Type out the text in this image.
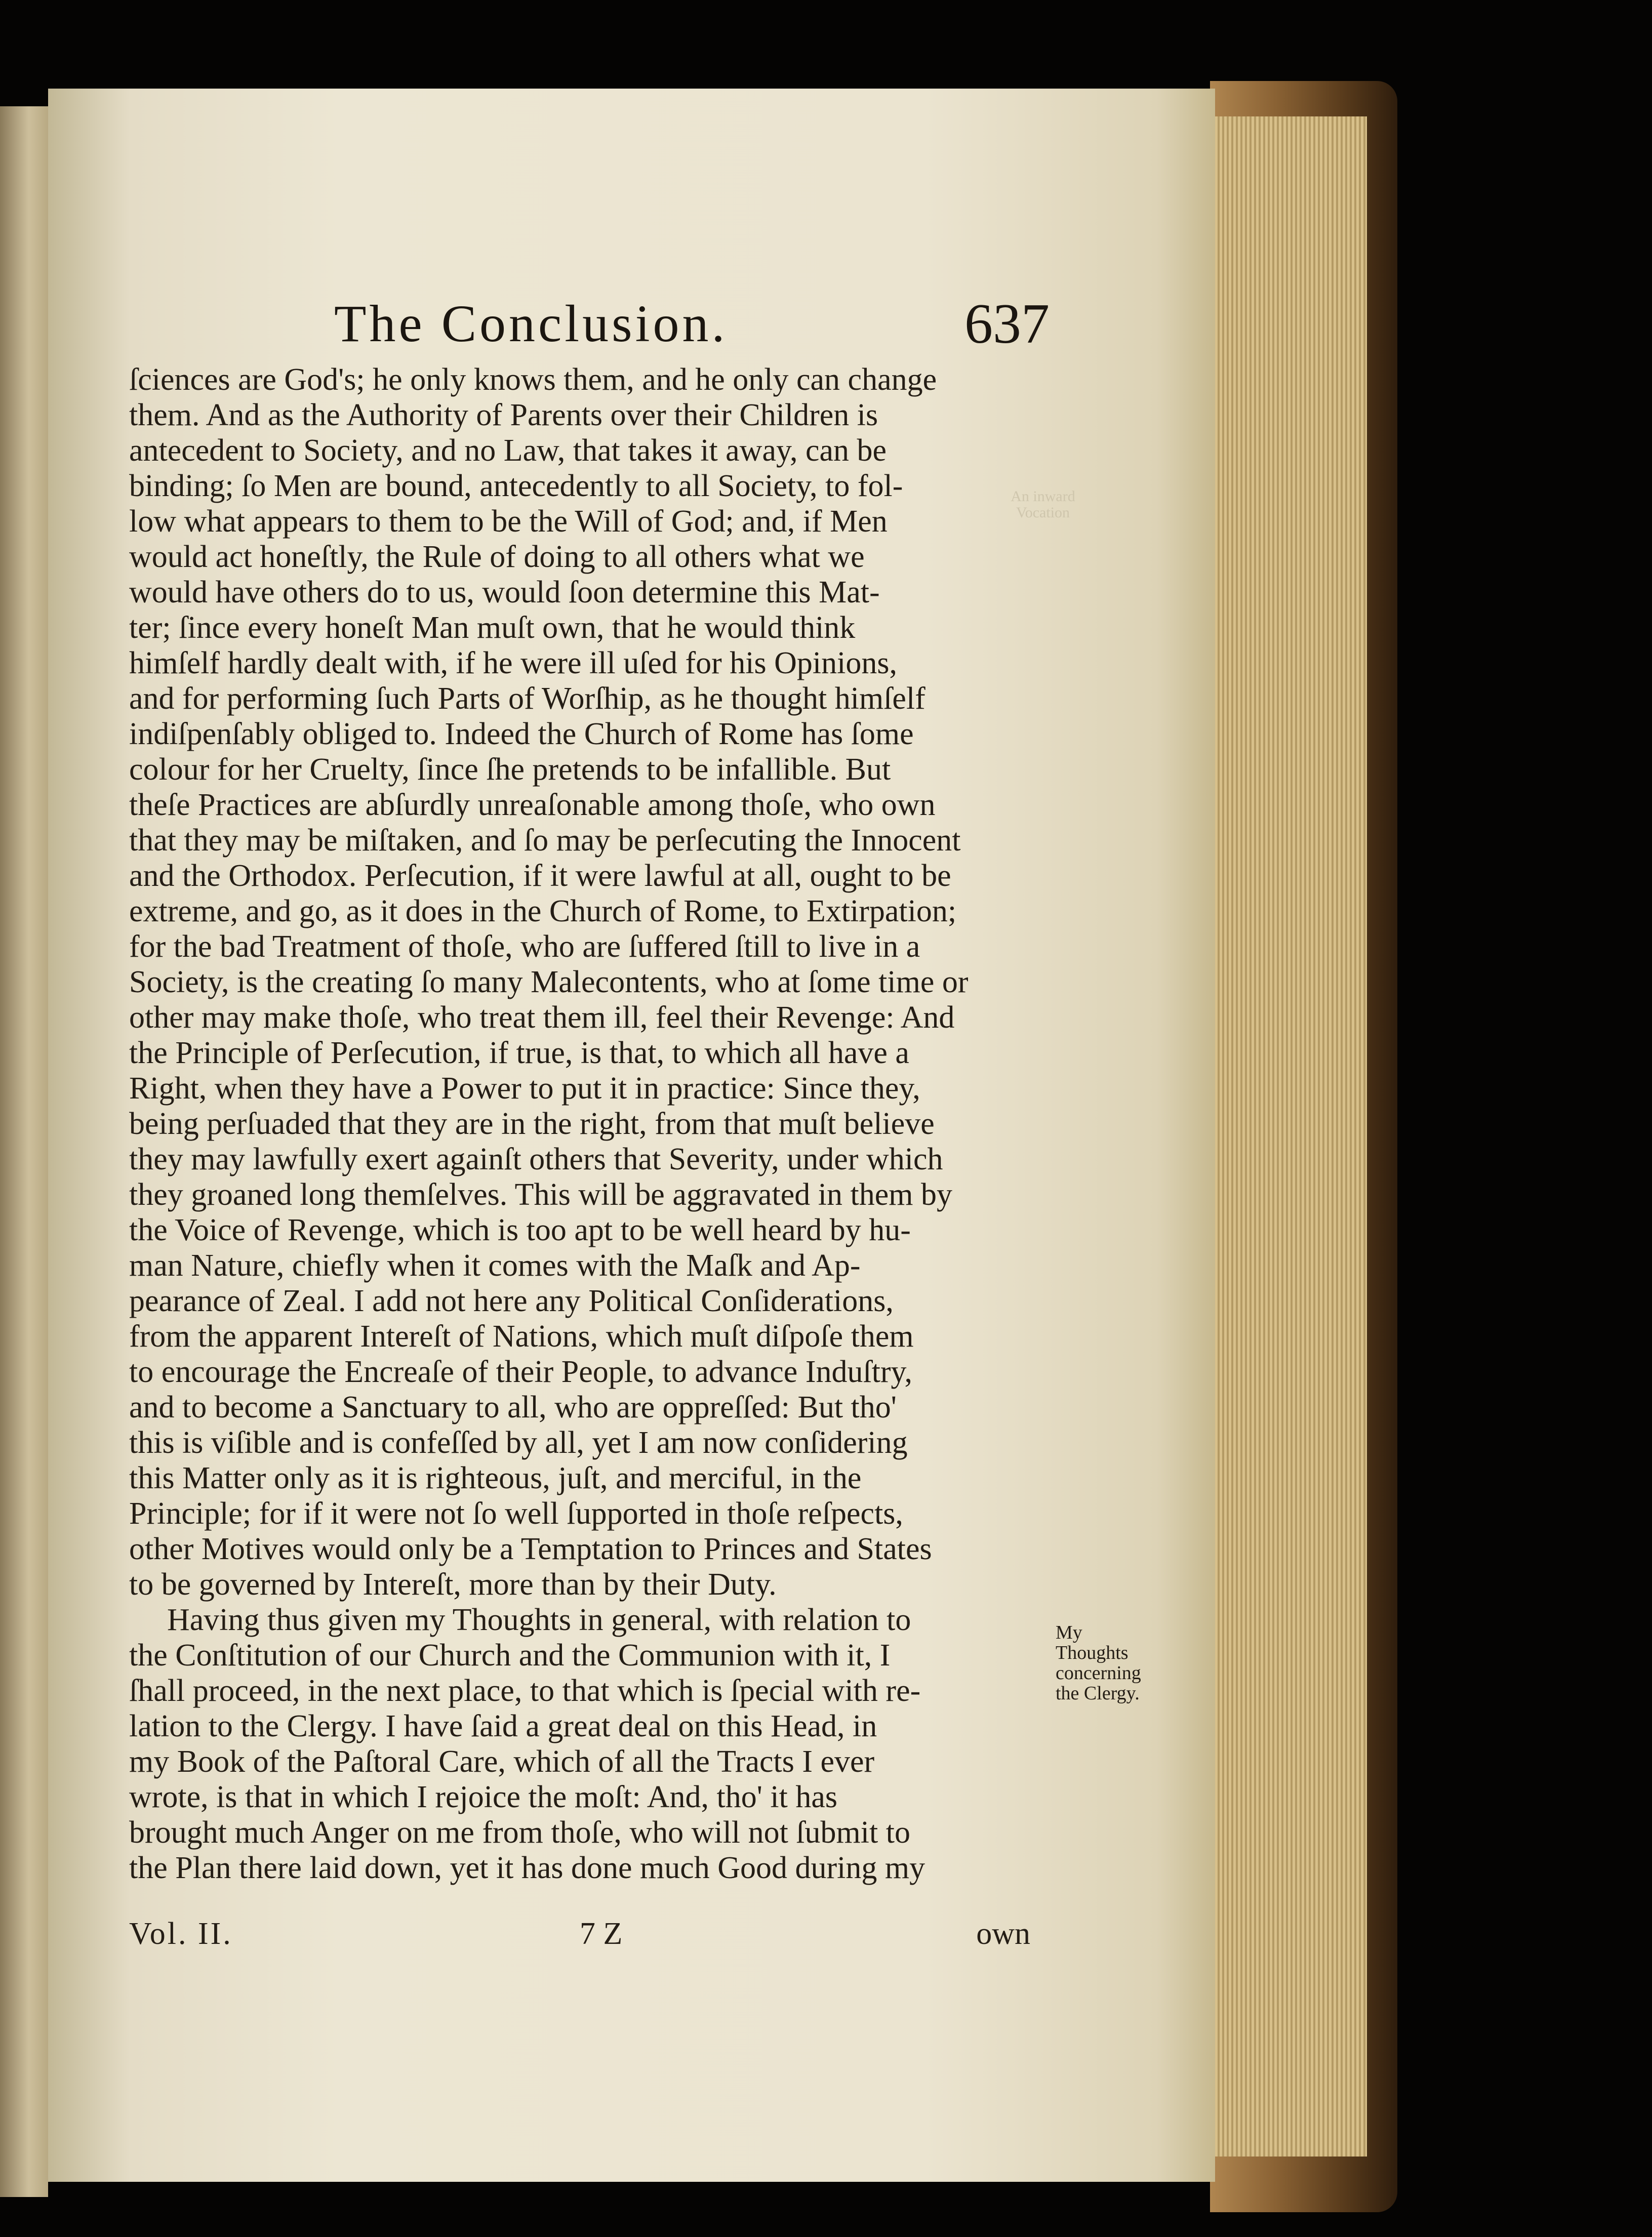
The Conclusion.	637
An inward Vocation
ſciences are God's; he only knows them, and he only can change
them. And as the Authority of Parents over their Children is
antecedent to Society, and no Law, that takes it away, can be
binding; ſo Men are bound, antecedently to all Society, to fol-
low what appears to them to be the Will of God; and, if Men
would act honeſtly, the Rule of doing to all others what we
would have others do to us, would ſoon determine this Mat-
ter; ſince every honeſt Man muſt own, that he would think
himſelf hardly dealt with, if he were ill uſed for his Opinions,
and for performing ſuch Parts of Worſhip, as he thought himſelf
indiſpenſably obliged to. Indeed the Church of Rome has ſome
colour for her Cruelty, ſince ſhe pretends to be infallible. But
theſe Practices are abſurdly unreaſonable among thoſe, who own
that they may be miſtaken, and ſo may be perſecuting the Innocent
and the Orthodox. Perſecution, if it were lawful at all, ought to be
extreme, and go, as it does in the Church of Rome, to Extirpation;
for the bad Treatment of thoſe, who are ſuffered ſtill to live in a
Society, is the creating ſo many Malecontents, who at ſome time or
other may make thoſe, who treat them ill, feel their Revenge: And
the Principle of Perſecution, if true, is that, to which all have a
Right, when they have a Power to put it in practice: Since they,
being perſuaded that they are in the right, from that muſt believe
they may lawfully exert againſt others that Severity, under which
they groaned long themſelves. This will be aggravated in them by
the Voice of Revenge, which is too apt to be well heard by hu-
man Nature, chiefly when it comes with the Maſk and Ap-
pearance of Zeal. I add not here any Political Conſiderations,
from the apparent Intereſt of Nations, which muſt diſpoſe them
to encourage the Encreaſe of their People, to advance Induſtry,
and to become a Sanctuary to all, who are oppreſſed: But tho'
this is viſible and is confeſſed by all, yet I am now conſidering
this Matter only as it is righteous, juſt, and merciful, in the
Principle; for if it were not ſo well ſupported in thoſe reſpects,
other Motives would only be a Temptation to Princes and States
to be governed by Intereſt, more than by their Duty.
Having thus given my Thoughts in general, with relation to
the Conſtitution of our Church and the Communion with it, I
ſhall proceed, in the next place, to that which is ſpecial with re-
lation to the Clergy. I have ſaid a great deal on this Head, in
my Book of the Paſtoral Care, which of all the Tracts I ever
wrote, is that in which I rejoice the moſt: And, tho' it has
brought much Anger on me from thoſe, who will not ſubmit to
the Plan there laid down, yet it has done much Good during my
My
Thoughts
concerning
the Clergy.
Vol. II.	7 Z	own
